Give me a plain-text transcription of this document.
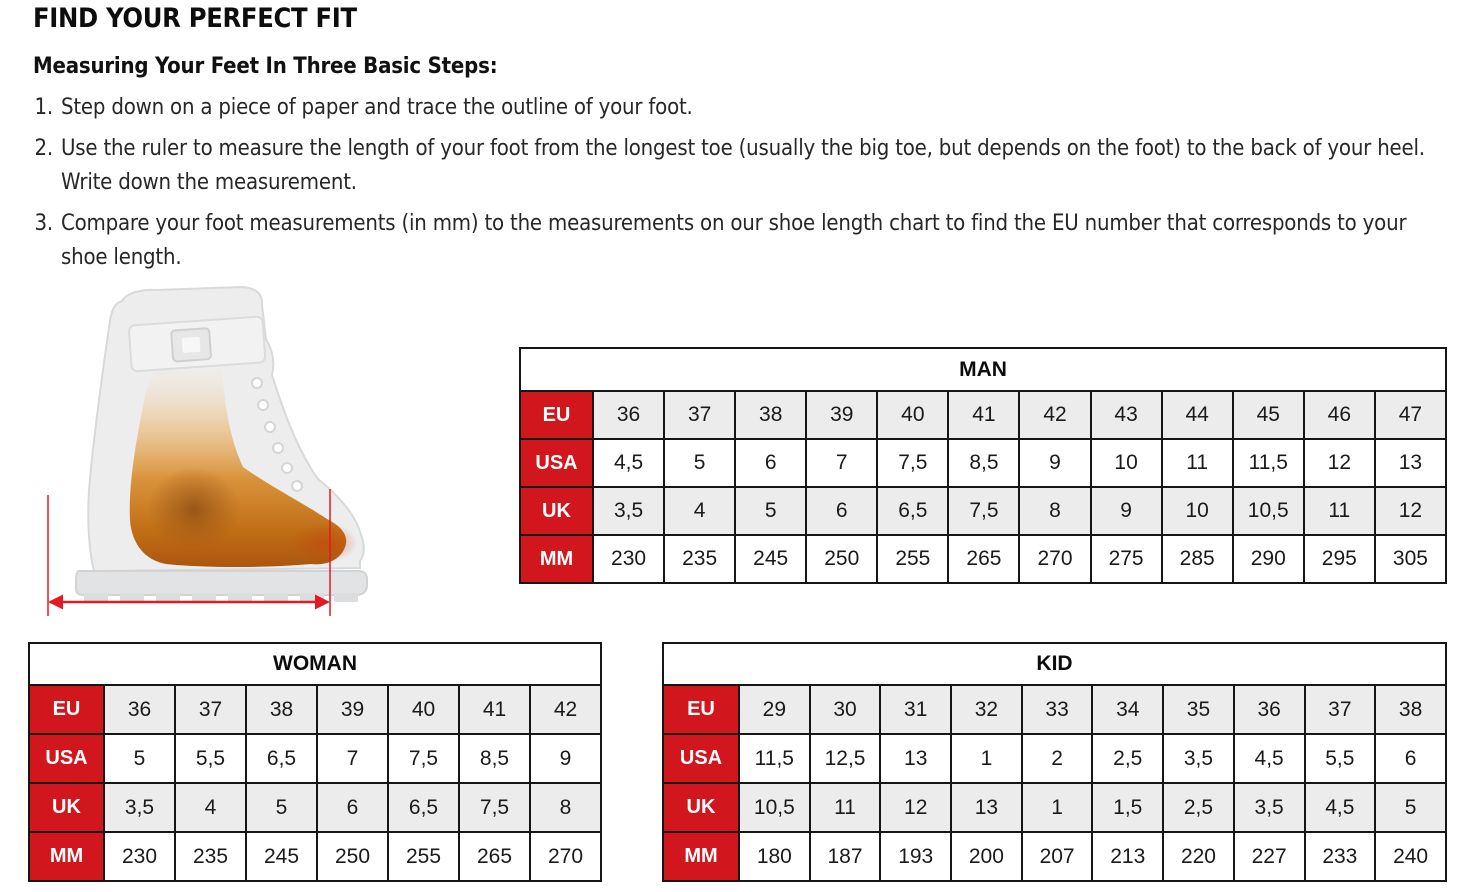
FIND YOUR PERFECT FIT
Measuring Your Feet In Three Basic Steps:
1. Step down on a piece of paper and trace the outline of your foot.
2. Use the ruler to measure the length of your foot from the longest toe (usually the big toe, but depends on the foot) to the back of your heel. Write down the measurement.
3. Compare your foot measurements (in mm) to the measurements on our shoe length chart to find the EU number that corresponds to your shoe length.
MAN												
EU	36	37	38	39	40	41	42	43	44	45	46	47
USA	4,5	5	6	7	7,5	8,5	9	10	11	11,5	12	13
UK	3,5	4	5	6	6,5	7,5	8	9	10	10,5	11	12
MM	230	235	245	250	255	265	270	275	285	290	295	305
WOMAN							
EU	36	37	38	39	40	41	42
USA	5	5,5	6,5	7	7,5	8,5	9
UK	3,5	4	5	6	6,5	7,5	8
MM	230	235	245	250	255	265	270
KID										
EU	29	30	31	32	33	34	35	36	37	38
USA	11,5	12,5	13	1	2	2,5	3,5	4,5	5,5	6
UK	10,5	11	12	13	1	1,5	2,5	3,5	4,5	5
MM	180	187	193	200	207	213	220	227	233	240
